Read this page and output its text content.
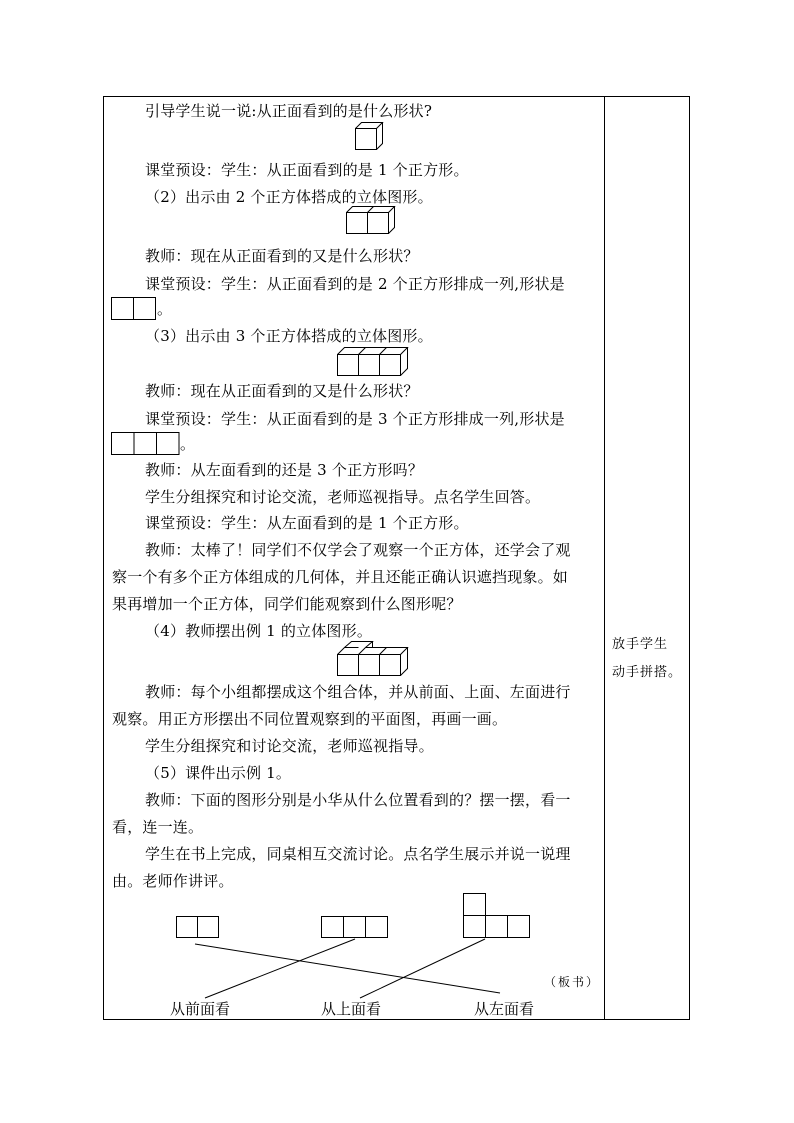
引导学生说一说:从正面看到的是什么形状?
课堂预设：学生：从正面看到的是 1 个正方形。
（2）出示由 2 个正方体搭成的立体图形。
教师：现在从正面看到的又是什么形状？
课堂预设：学生：从正面看到的是 2 个正方形排成一列,形状是
。
（3）出示由 3 个正方体搭成的立体图形。
教师：现在从正面看到的又是什么形状？
课堂预设：学生：从正面看到的是 3 个正方形排成一列,形状是
。
教师：从左面看到的还是 3 个正方形吗？
学生分组探究和讨论交流，老师巡视指导。点名学生回答。
课堂预设：学生：从左面看到的是 1 个正方形。
教师：太棒了！同学们不仅学会了观察一个正方体，还学会了观
察一个有多个正方体组成的几何体，并且还能正确认识遮挡现象。如
果再增加一个正方体，同学们能观察到什么图形呢？
（4）教师摆出例 1 的立体图形。
教师：每个小组都摆成这个组合体，并从前面、上面、左面进行
观察。用正方形摆出不同位置观察到的平面图，再画一画。
学生分组探究和讨论交流，老师巡视指导。
（5）课件出示例 1。
教师：下面的图形分别是小华从什么位置看到的？摆一摆，看一
看，连一连。
学生在书上完成，同桌相互交流讨论。点名学生展示并说一说理
由。老师作讲评。
（板书）
从前面看	从上面看	从左面看
放手学生
动手拼搭。
